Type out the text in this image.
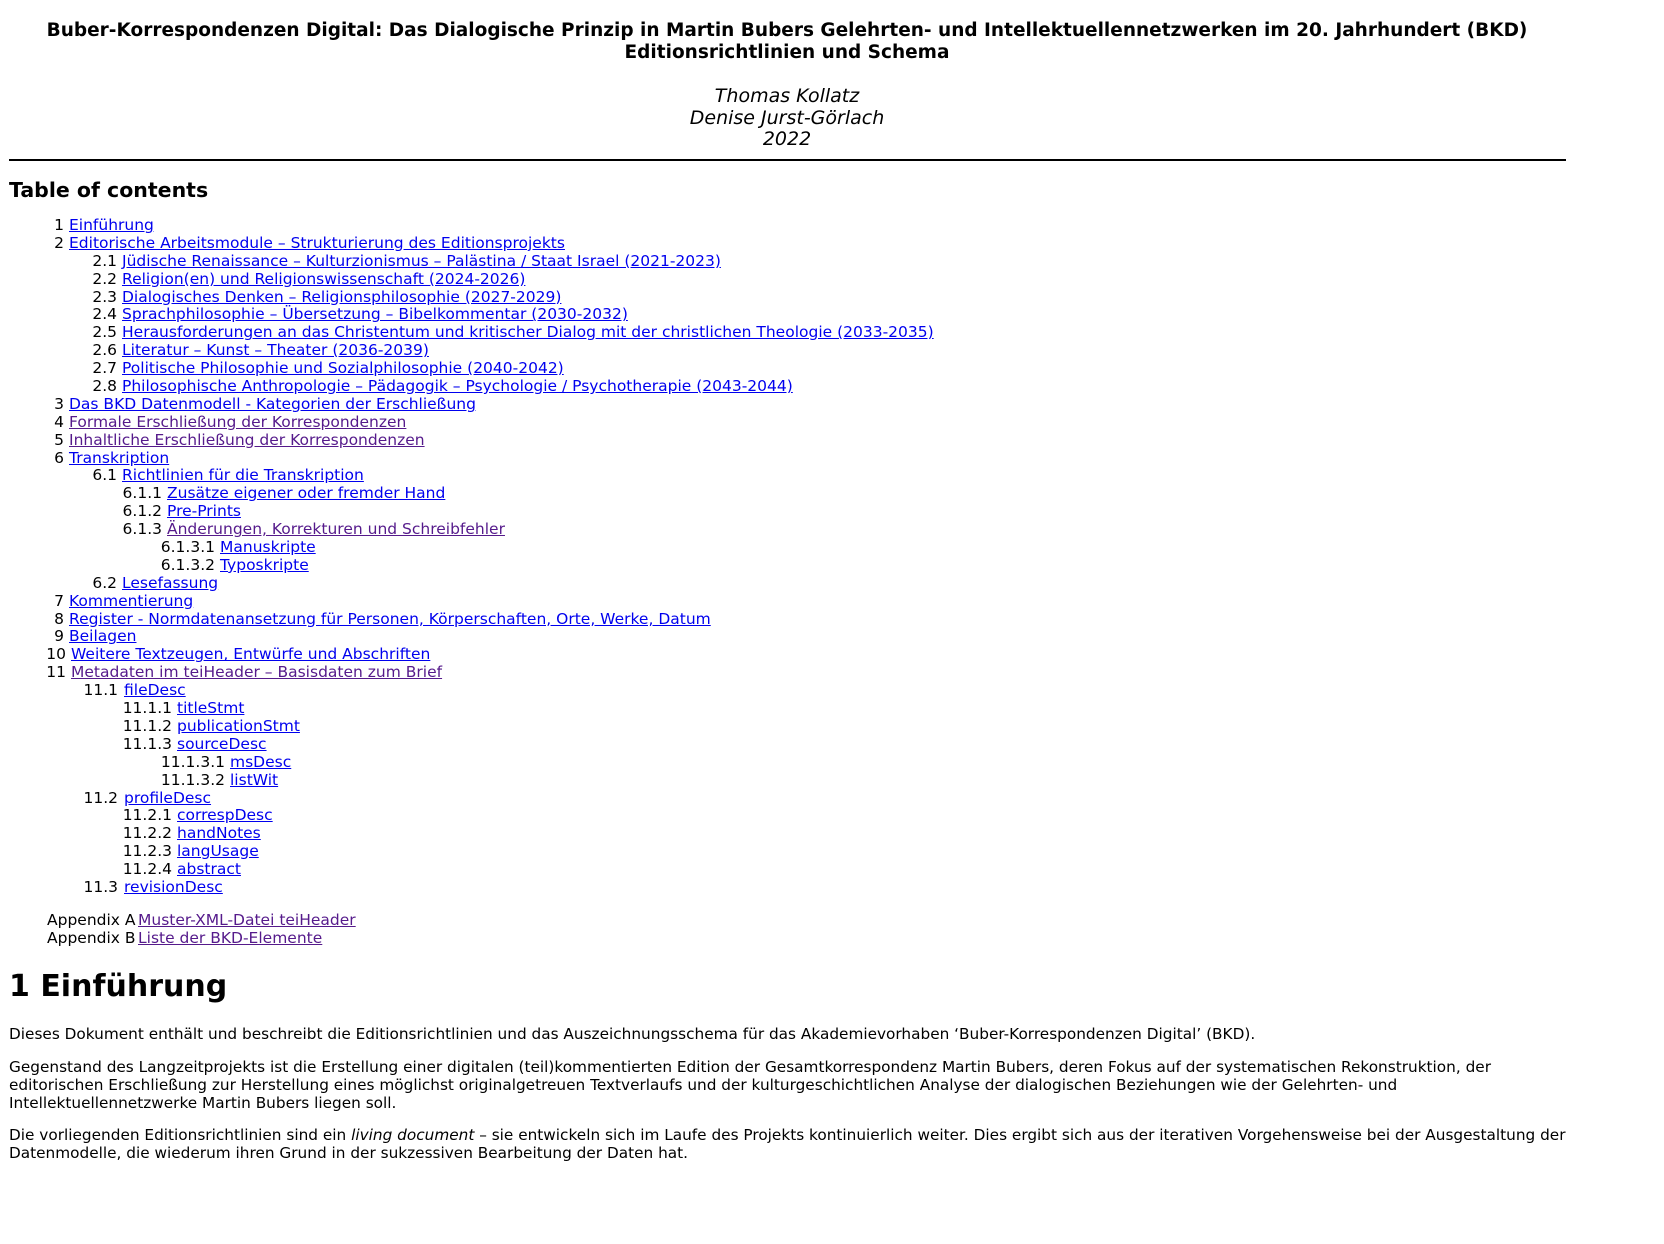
Buber-Korrespondenzen Digital: Das Dialogische Prinzip in Martin Bubers Gelehrten- und Intellektuellennetzwerken im 20. Jahrhundert (BKD)
Editionsrichtlinien und Schema
Thomas Kollatz
Denise Jurst-Görlach
2022
Table of contents
1 Einführung
2 Editorische Arbeitsmodule – Strukturierung des Editionsprojekts
2.1 Jüdische Renaissance – Kulturzionismus – Palästina / Staat Israel (2021-2023)
2.2 Religion(en) und Religionswissenschaft (2024-2026)
2.3 Dialogisches Denken – Religionsphilosophie (2027-2029)
2.4 Sprachphilosophie – Übersetzung – Bibelkommentar (2030-2032)
2.5 Herausforderungen an das Christentum und kritischer Dialog mit der christlichen Theologie (2033-2035)
2.6 Literatur – Kunst – Theater (2036-2039)
2.7 Politische Philosophie und Sozialphilosophie (2040-2042)
2.8 Philosophische Anthropologie – Pädagogik – Psychologie / Psychotherapie (2043-2044)
3 Das BKD Datenmodell - Kategorien der Erschließung
4 Formale Erschließung der Korrespondenzen
5 Inhaltliche Erschließung der Korrespondenzen
6 Transkription
6.1 Richtlinien für die Transkription
6.1.1 Zusätze eigener oder fremder Hand
6.1.2 Pre-Prints
6.1.3 Änderungen, Korrekturen und Schreibfehler
6.1.3.1 Manuskripte
6.1.3.2 Typoskripte
6.2 Lesefassung
7 Kommentierung
8 Register - Normdatenansetzung für Personen, Körperschaften, Orte, Werke, Datum
9 Beilagen
10 Weitere Textzeugen, Entwürfe und Abschriften
11 Metadaten im teiHeader – Basisdaten zum Brief
11.1 fileDesc
11.1.1 titleStmt
11.1.2 publicationStmt
11.1.3 sourceDesc
11.1.3.1 msDesc
11.1.3.2 listWit
11.2 profileDesc
11.2.1 correspDesc
11.2.2 handNotes
11.2.3 langUsage
11.2.4 abstract
11.3 revisionDesc
Appendix A Muster-XML-Datei teiHeader
Appendix B Liste der BKD-Elemente
1 Einführung

Dieses Dokument enthält und beschreibt die Editionsrichtlinien und das Auszeichnungsschema für das Akademievorhaben ‘Buber-Korrespondenzen Digital’ (BKD).

Gegenstand des Langzeitprojekts ist die Erstellung einer digitalen (teil)kommentierten Edition der Gesamtkorrespondenz Martin Bubers, deren Fokus auf der systematischen Rekonstruktion, der editorischen Erschließung zur Herstellung eines möglichst originalgetreuen Textverlaufs und der kulturgeschichtlichen Analyse der dialogischen Beziehungen wie der Gelehrten- und Intellektuellennetzwerke Martin Bubers liegen soll.

Die vorliegenden Editionsrichtlinien sind ein living document – sie entwickeln sich im Laufe des Projekts kontinuierlich weiter. Dies ergibt sich aus der iterativen Vorgehensweise bei der Ausgestaltung der Datenmodelle, die wiederum ihren Grund in der sukzessiven Bearbeitung der Daten hat.
